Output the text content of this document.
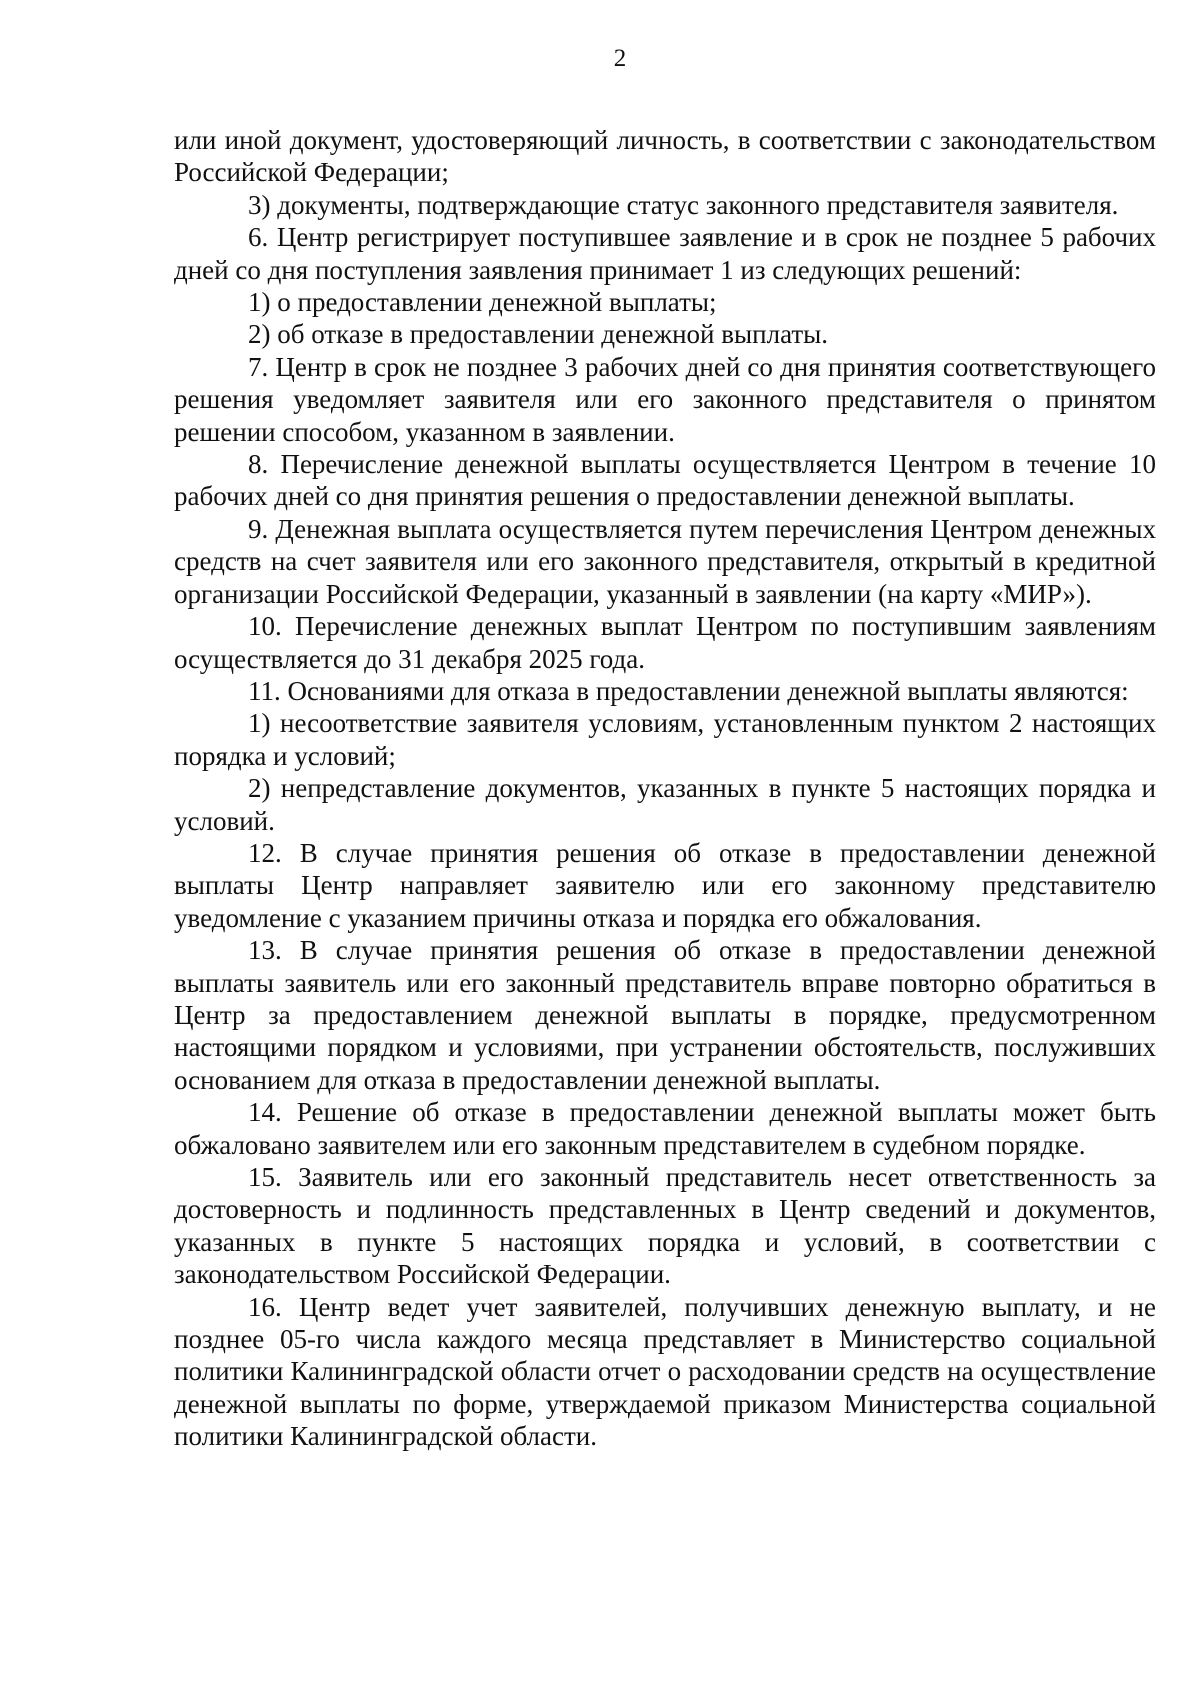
2

или иной документ, удостоверяющий личность, в соответствии с законодательством Российской Федерации;

3) документы, подтверждающие статус законного представителя заявителя.

6. Центр регистрирует поступившее заявление и в срок не позднее 5 рабочих дней со дня поступления заявления принимает 1 из следующих решений:

1) о предоставлении денежной выплаты;

2) об отказе в предоставлении денежной выплаты.

7. Центр в срок не позднее 3 рабочих дней со дня принятия соответствующего решения уведомляет заявителя или его законного представителя о принятом решении способом, указанном в заявлении.

8. Перечисление денежной выплаты осуществляется Центром в течение 10 рабочих дней со дня принятия решения о предоставлении денежной выплаты.

9. Денежная выплата осуществляется путем перечисления Центром денежных средств на счет заявителя или его законного представителя, открытый в кредитной организации Российской Федерации, указанный в заявлении (на карту «МИР»).

10. Перечисление денежных выплат Центром по поступившим заявлениям осуществляется до 31 декабря 2025 года.

11. Основаниями для отказа в предоставлении денежной выплаты являются:

1) несоответствие заявителя условиям, установленным пунктом 2 настоящих порядка и условий;

2) непредставление документов, указанных в пункте 5 настоящих порядка и условий.

12. В случае принятия решения об отказе в предоставлении денежной выплаты Центр направляет заявителю или его законному представителю уведомление с указанием причины отказа и порядка его обжалования.

13. В случае принятия решения об отказе в предоставлении денежной выплаты заявитель или его законный представитель вправе повторно обратиться в Центр за предоставлением денежной выплаты в порядке, предусмотренном настоящими порядком и условиями, при устранении обстоятельств, послуживших основанием для отказа в предоставлении денежной выплаты.

14. Решение об отказе в предоставлении денежной выплаты может быть обжаловано заявителем или его законным представителем в судебном порядке.

15. Заявитель или его законный представитель несет ответственность за достоверность и подлинность представленных в Центр сведений и документов, указанных в пункте 5 настоящих порядка и условий, в соответствии с законодательством Российской Федерации.

16. Центр ведет учет заявителей, получивших денежную выплату, и не позднее 05-го числа каждого месяца представляет в Министерство социальной политики Калининградской области отчет о расходовании средств на осуществление денежной выплаты по форме, утверждаемой приказом Министерства социальной политики Калининградской области.
